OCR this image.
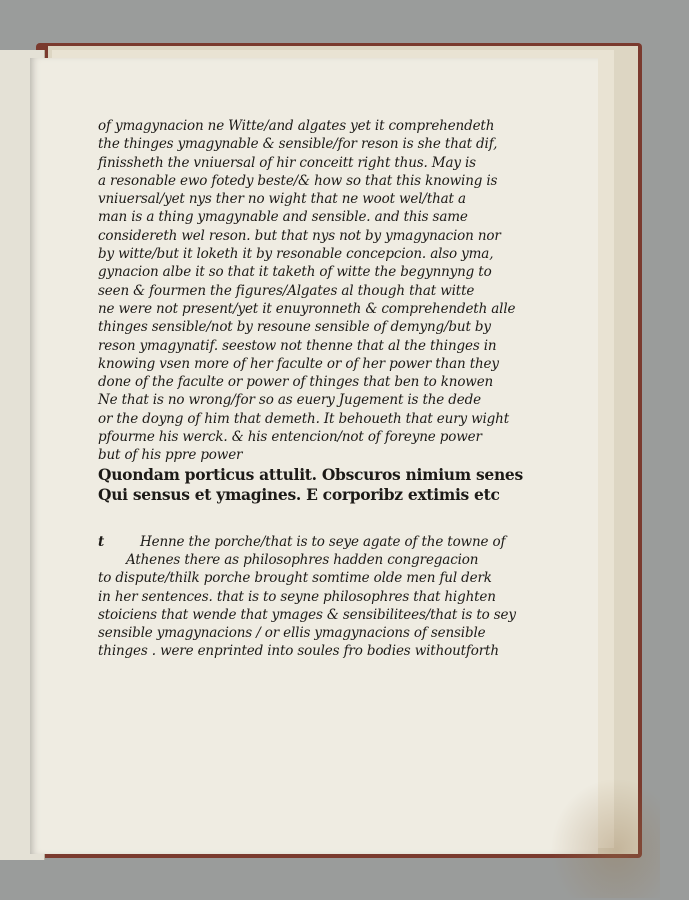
of ymagynacion ne Witte/and algates yet it comprehendeth
the thinges ymagynable & sensible/for reson is she that dif,
finissheth the vniuersal of hir conceitt right thus. May is
a resonable ewo fotedy beste/& how so that this knowing is
vniuersal/yet nys ther no wight that ne woot wel/that a
man is a thing ymagynable and sensible. and this same
considereth wel reson. but that nys not by ymagynacion nor
by witte/but it loketh it by resonable concepcion. also yma,
gynacion albe it so that it taketh of witte the begynnyng to
seen & fourmen the figures/Algates al though that witte
ne were not present/yet it enuyronneth & comprehendeth alle
thinges sensible/not by resoune sensible of demyng/but by
reson ymagynatif. seestow not thenne that al the thinges in
knowing vsen more of her faculte or of her power than they
done of the faculte or power of thinges that ben to knowen
Ne that is no wrong/for so as euery Jugement is the dede
or the doyng of him that demeth. It behoueth that eury wight
pfourme his werck. & his entencion/not of foreyne power
but of his ppre power
Quondam porticus attulit. Obscuros nimium senes
Qui sensus et ymagines. E corporibz extimis etc
t	Henne the porche/that is to seye agate of the towne of
Athenes there as philosophres hadden congregacion
to dispute/thilk porche brought somtime olde men ful derk
in her sentences. that is to seyne philosophres that highten
stoiciens that wende that ymages & sensibilitees/that is to sey
sensible ymagynacions / or ellis ymagynacions of sensible
thinges . were enprinted into soules fro bodies withoutforth
